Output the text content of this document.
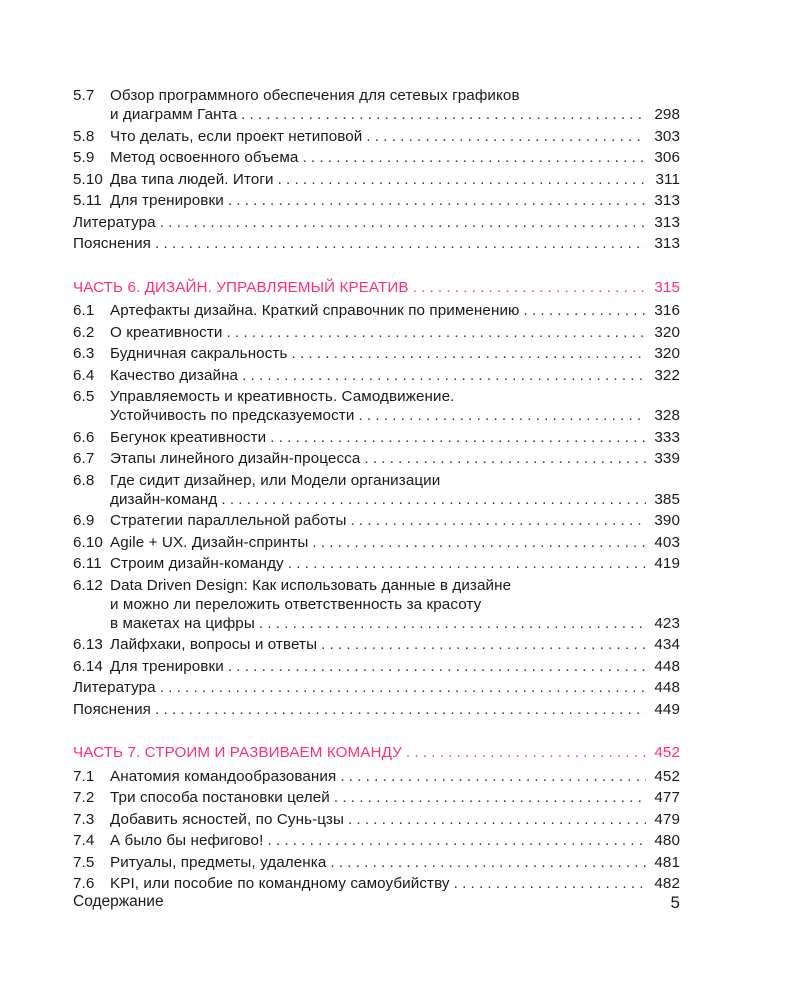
5.7	Обзор программного обеспечения для сетевых графиков
и диаграмм Ганта . . .	298
5.8	Что делать, если проект нетиповой . . .	303
5.9	Метод освоенного объема . . .	306
5.10 Два типа людей. Итоги . . .	311
5.11 Для тренировки . . .	313
Литература . . .	313
Пояснения . . .	313
ЧАСТЬ 6. ДИЗАЙН. УПРАВЛЯЕМЫЙ КРЕАТИВ . . .	315
6.1	Артефакты дизайна. Краткий справочник по применению . . .	316
6.2	О креативности . . .	320
6.3	Будничная сакральность . . .	320
6.4	Качество дизайна . . .	322
6.5	Управляемость и креативность. Самодвижение.
Устойчивость по предсказуемости . . .	328
6.6	Бегунок креативности . . .	333
6.7	Этапы линейного дизайн-процесса . . .	339
6.8	Где сидит дизайнер, или Модели организации
дизайн-команд . . .	385
6.9	Стратегии параллельной работы . . .	390
6.10 Agile + UX. Дизайн-спринты . . .	403
6.11 Строим дизайн-команду . . .	419
6.12 Data Driven Design: Как использовать данные в дизайне
и можно ли переложить ответственность за красоту
в макетах на цифры . . .	423
6.13 Лайфхаки, вопросы и ответы . . .	434
6.14 Для тренировки . . .	448
Литература . . .	448
Пояснения . . .	449
ЧАСТЬ 7. СТРОИМ И РАЗВИВАЕМ КОМАНДУ . . .	452
7.1	Анатомия командообразования . . .	452
7.2	Три способа постановки целей . . .	477
7.3	Добавить ясностей, по Сунь-цзы . . .	479
7.4	А было бы нефигово! . . .	480
7.5	Ритуалы, предметы, удаленка . . .	481
7.6	KPI, или пособие по командному самоубийству . . .	482
Содержание	5
